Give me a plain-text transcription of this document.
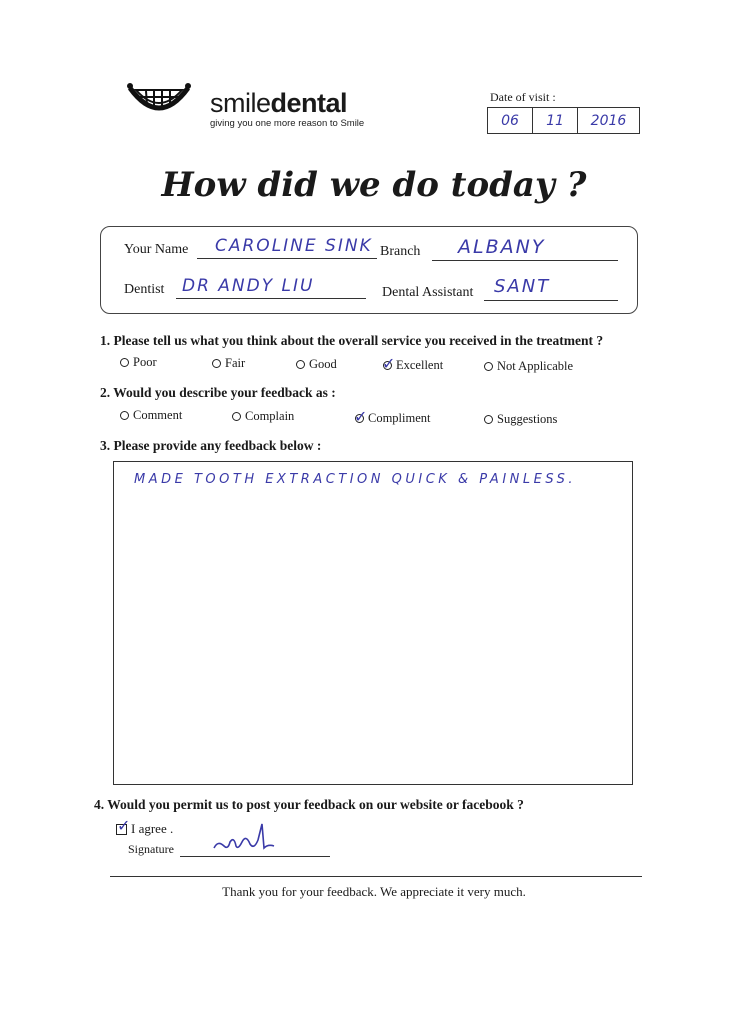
smiledental
giving you one more reason to Smile
Date of visit :
06	11	2016
How did we do today ?
Your Name	CAROLINE SINK Branch	ALBANY
Dentist	DR ANDY LIU	Dental Assistant	SANT
1. Please tell us what you think about the overall service you received in the treatment ?
Poor	Fair	Good	✓ Excellent	Not Applicable
2. Would you describe your feedback as :
Comment	Complain	✓ Compliment	Suggestions
3. Please provide any feedback below :
MADE TOOTH EXTRACTION QUICK & PAINLESS.
4. Would you permit us to post your feedback on our website or facebook ?
✓ I agree .
Signature
Thank you for your feedback. We appreciate it very much.
